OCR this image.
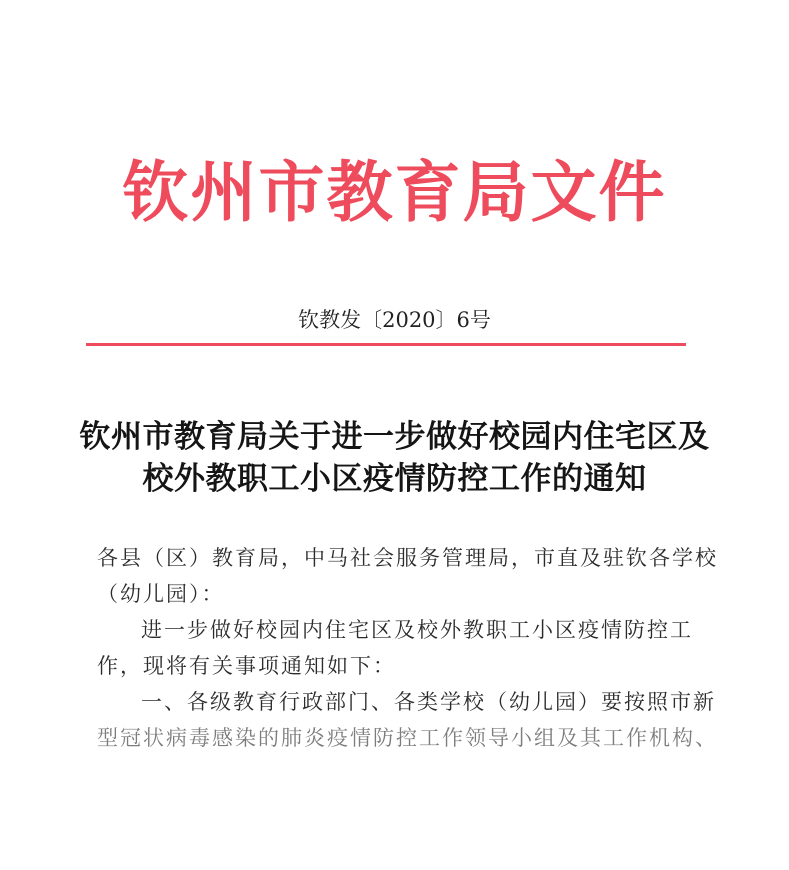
钦州市教育局文件
钦教发〔2020〕6号
钦州市教育局关于进一步做好校园内住宅区及
校外教职工小区疫情防控工作的通知
各县（区）教育局，中马社会服务管理局，市直及驻钦各学校
（幼儿园）：
进一步做好校园内住宅区及校外教职工小区疫情防控工
作，现将有关事项通知如下：
一、各级教育行政部门、各类学校（幼儿园）要按照市新
型冠状病毒感染的肺炎疫情防控工作领导小组及其工作机构、
